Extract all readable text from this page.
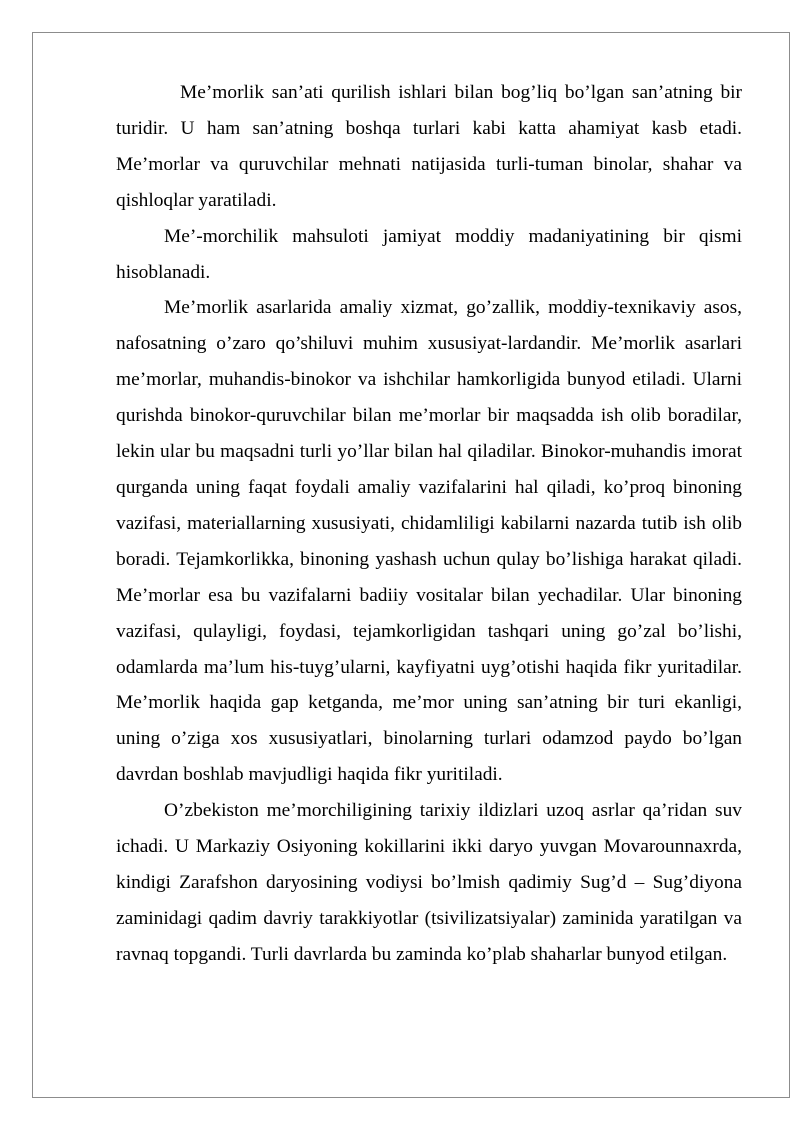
Me’morlik san’ati qurilish ishlari bilan bog’liq bo’lgan san’atning bir turidir. U ham san’atning boshqa turlari kabi katta ahamiyat kasb etadi. Me’morlar va quruvchilar mehnati natijasida turli-tuman binolar, shahar va qishloqlar yaratiladi.

Me’-morchilik mahsuloti jamiyat moddiy madaniyatining bir qismi hisoblanadi.

Me’morlik asarlarida amaliy xizmat, go’zallik, moddiy-texnikaviy asos, nafosatning o’zaro qo’shiluvi muhim xususiyat-lardandir. Me’morlik asarlari me’morlar, muhandis-binokor va ishchilar hamkorligida bunyod etiladi. Ularni qurishda binokor-quruvchilar bilan me’morlar bir maqsadda ish olib boradilar, lekin ular bu maqsadni turli yo’llar bilan hal qiladilar. Binokor-muhandis imorat qurganda uning faqat foydali amaliy vazifalarini hal qiladi, ko’proq binoning vazifasi, materiallarning xususiyati, chidamliligi kabilarni nazarda tutib ish olib boradi. Tejamkorlikka, binoning yashash uchun qulay bo’lishiga harakat qiladi. Me’morlar esa bu vazifalarni badiiy vositalar bilan yechadilar. Ular binoning vazifasi, qulayligi, foydasi, tejamkorligidan tashqari uning go’zal bo’lishi, odamlarda ma’lum his-tuyg’ularni, kayfiyatni uyg’otishi haqida fikr yuritadilar. Me’morlik haqida gap ketganda, me’mor uning san’atning bir turi ekanligi, uning o’ziga xos xususiyatlari, binolarning turlari odamzod paydo bo’lgan davrdan boshlab mavjudligi haqida fikr yuritiladi.

O’zbekiston me’morchiligining tarixiy ildizlari uzoq asrlar qa’ridan suv ichadi. U Markaziy Osiyoning kokillarini ikki daryo yuvgan Movarounnaxrda, kindigi Zarafshon daryosining vodiysi bo’lmish qadimiy Sug’d – Sug’diyona zaminidagi qadim davriy tarakkiyotlar (tsivilizatsiyalar) zaminida yaratilgan va ravnaq topgandi. Turli davrlarda bu zaminda ko’plab shaharlar bunyod etilgan.
